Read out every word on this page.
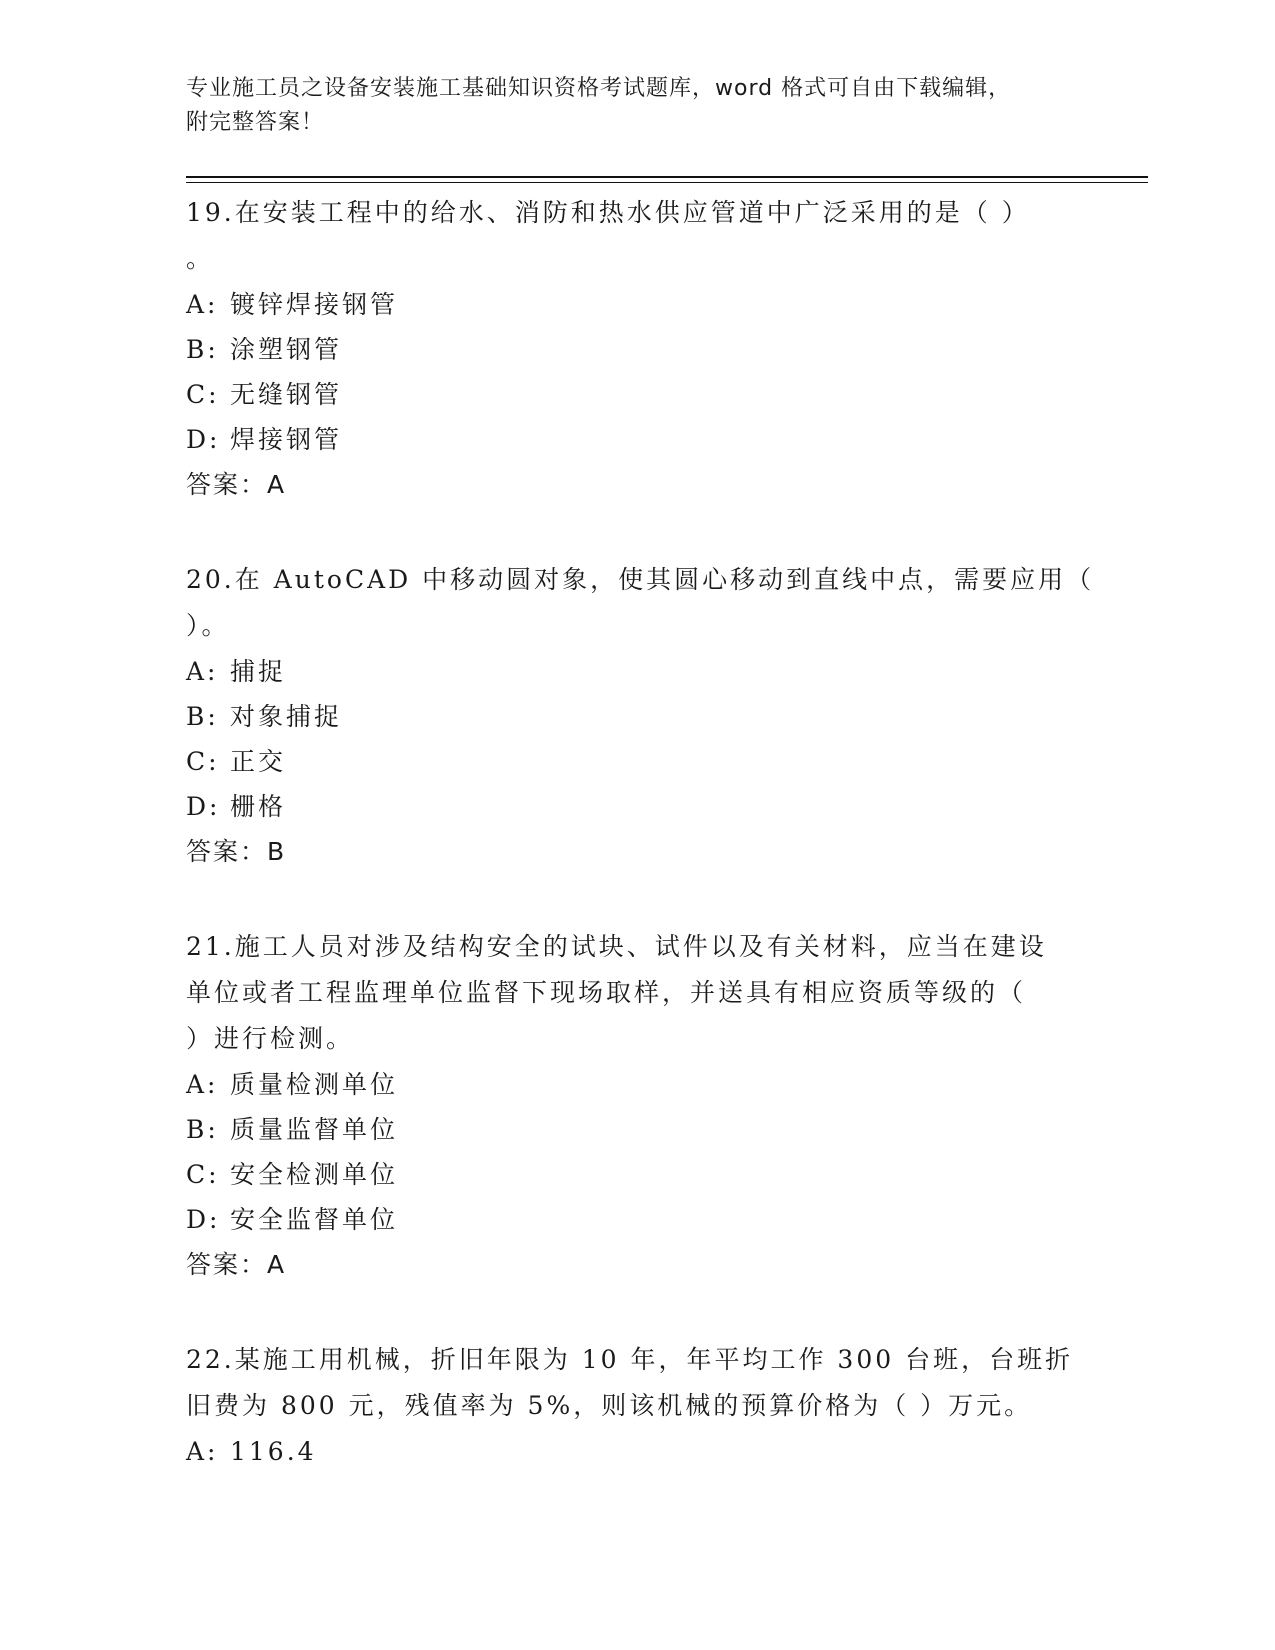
专业施工员之设备安装施工基础知识资格考试题库，word 格式可自由下载编辑，
附完整答案！
19.在安装工程中的给水、消防和热水供应管道中广泛采用的是（ ）
。
A: 镀锌焊接钢管
B: 涂塑钢管
C: 无缝钢管
D: 焊接钢管
答案：A
20.在 AutoCAD 中移动圆对象，使其圆心移动到直线中点，需要应用（
）。
A: 捕捉
B: 对象捕捉
C: 正交
D: 栅格
答案：B
21.施工人员对涉及结构安全的试块、试件以及有关材料，应当在建设
单位或者工程监理单位监督下现场取样，并送具有相应资质等级的（
）进行检测。
A: 质量检测单位
B: 质量监督单位
C: 安全检测单位
D: 安全监督单位
答案：A
22.某施工用机械，折旧年限为 10 年，年平均工作 300 台班，台班折
旧费为 800 元，残值率为 5%，则该机械的预算价格为（ ）万元。
A: 116.4
